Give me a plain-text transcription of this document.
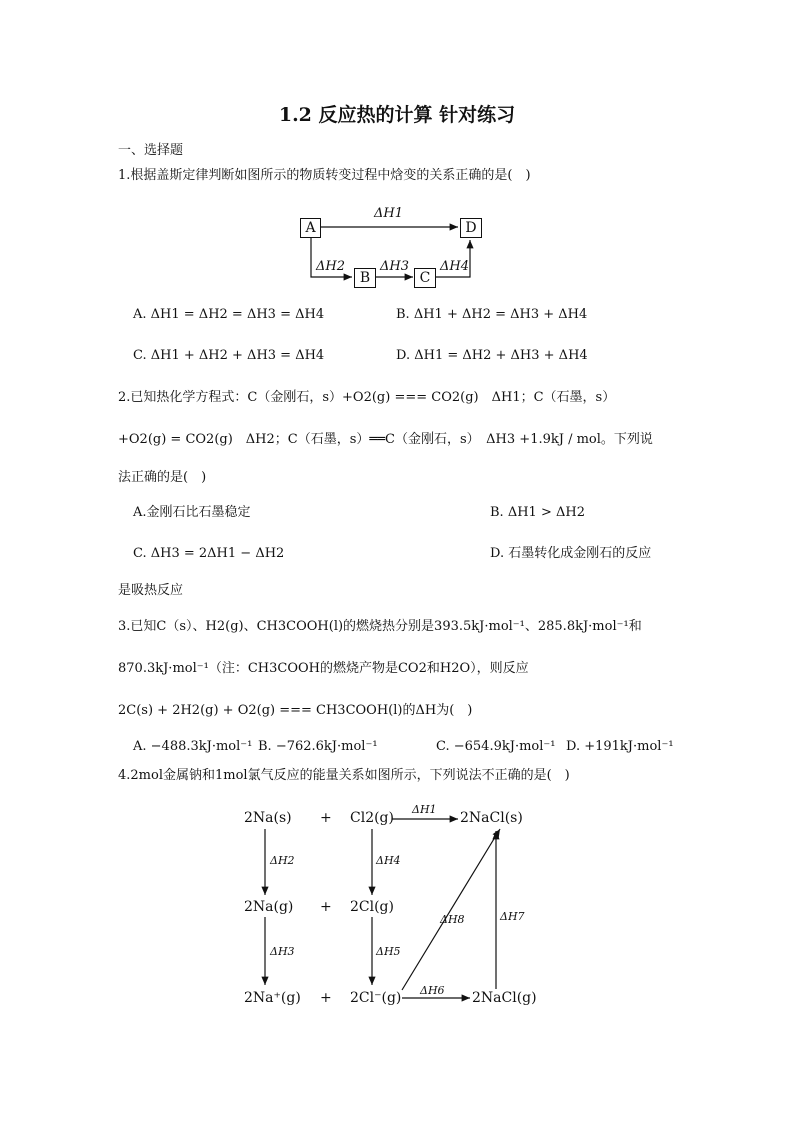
1.2 反应热的计算 针对练习
一、选择题
1.根据盖斯定律判断如图所示的物质转变过程中焓变的关系正确的是(　)
A	D
B	C
ΔH1
ΔH2	ΔH3 ΔH4
A. ΔH1 = ΔH2 = ΔH3 = ΔH4	B. ΔH1 + ΔH2 = ΔH3 + ΔH4
C. ΔH1 + ΔH2 + ΔH3 = ΔH4	D. ΔH1 = ΔH2 + ΔH3 + ΔH4
2.已知热化学方程式：C（金刚石，s）+O2(g) === CO2(g)　ΔH1；C（石墨，s）
+O2(g) = CO2(g)　ΔH2；C（石墨，s）══C（金刚石，s）　ΔH3 +1.9kJ / mol。下列说
法正确的是(　)
A.金刚石比石墨稳定	B. ΔH1 > ΔH2
C. ΔH3 = 2ΔH1 − ΔH2	D. 石墨转化成金刚石的反应
是吸热反应
3.已知C（s）、H2(g)、CH3COOH(l)的燃烧热分别是393.5kJ·mol⁻¹、285.8kJ·mol⁻¹和
870.3kJ·mol⁻¹（注：CH3COOH的燃烧产物是CO2和H2O），则反应
2C(s) + 2H2(g) + O2(g) === CH3COOH(l)的ΔH为(　)
A. −488.3kJ·mol⁻¹ B. −762.6kJ·mol⁻¹	C. −654.9kJ·mol⁻¹ D. +191kJ·mol⁻¹
4.2mol金属钠和1mol氯气反应的能量关系如图所示，下列说法不正确的是(　)
2Na(s)
2Na(g)
2Na⁺(g)
+
+
+
Cl2(g)
2Cl(g)
2Cl⁻(g)
2NaCl(s)
2NaCl(g)
ΔH1
ΔH2
ΔH3
ΔH4
ΔH5
ΔH6
ΔH7
ΔH8
